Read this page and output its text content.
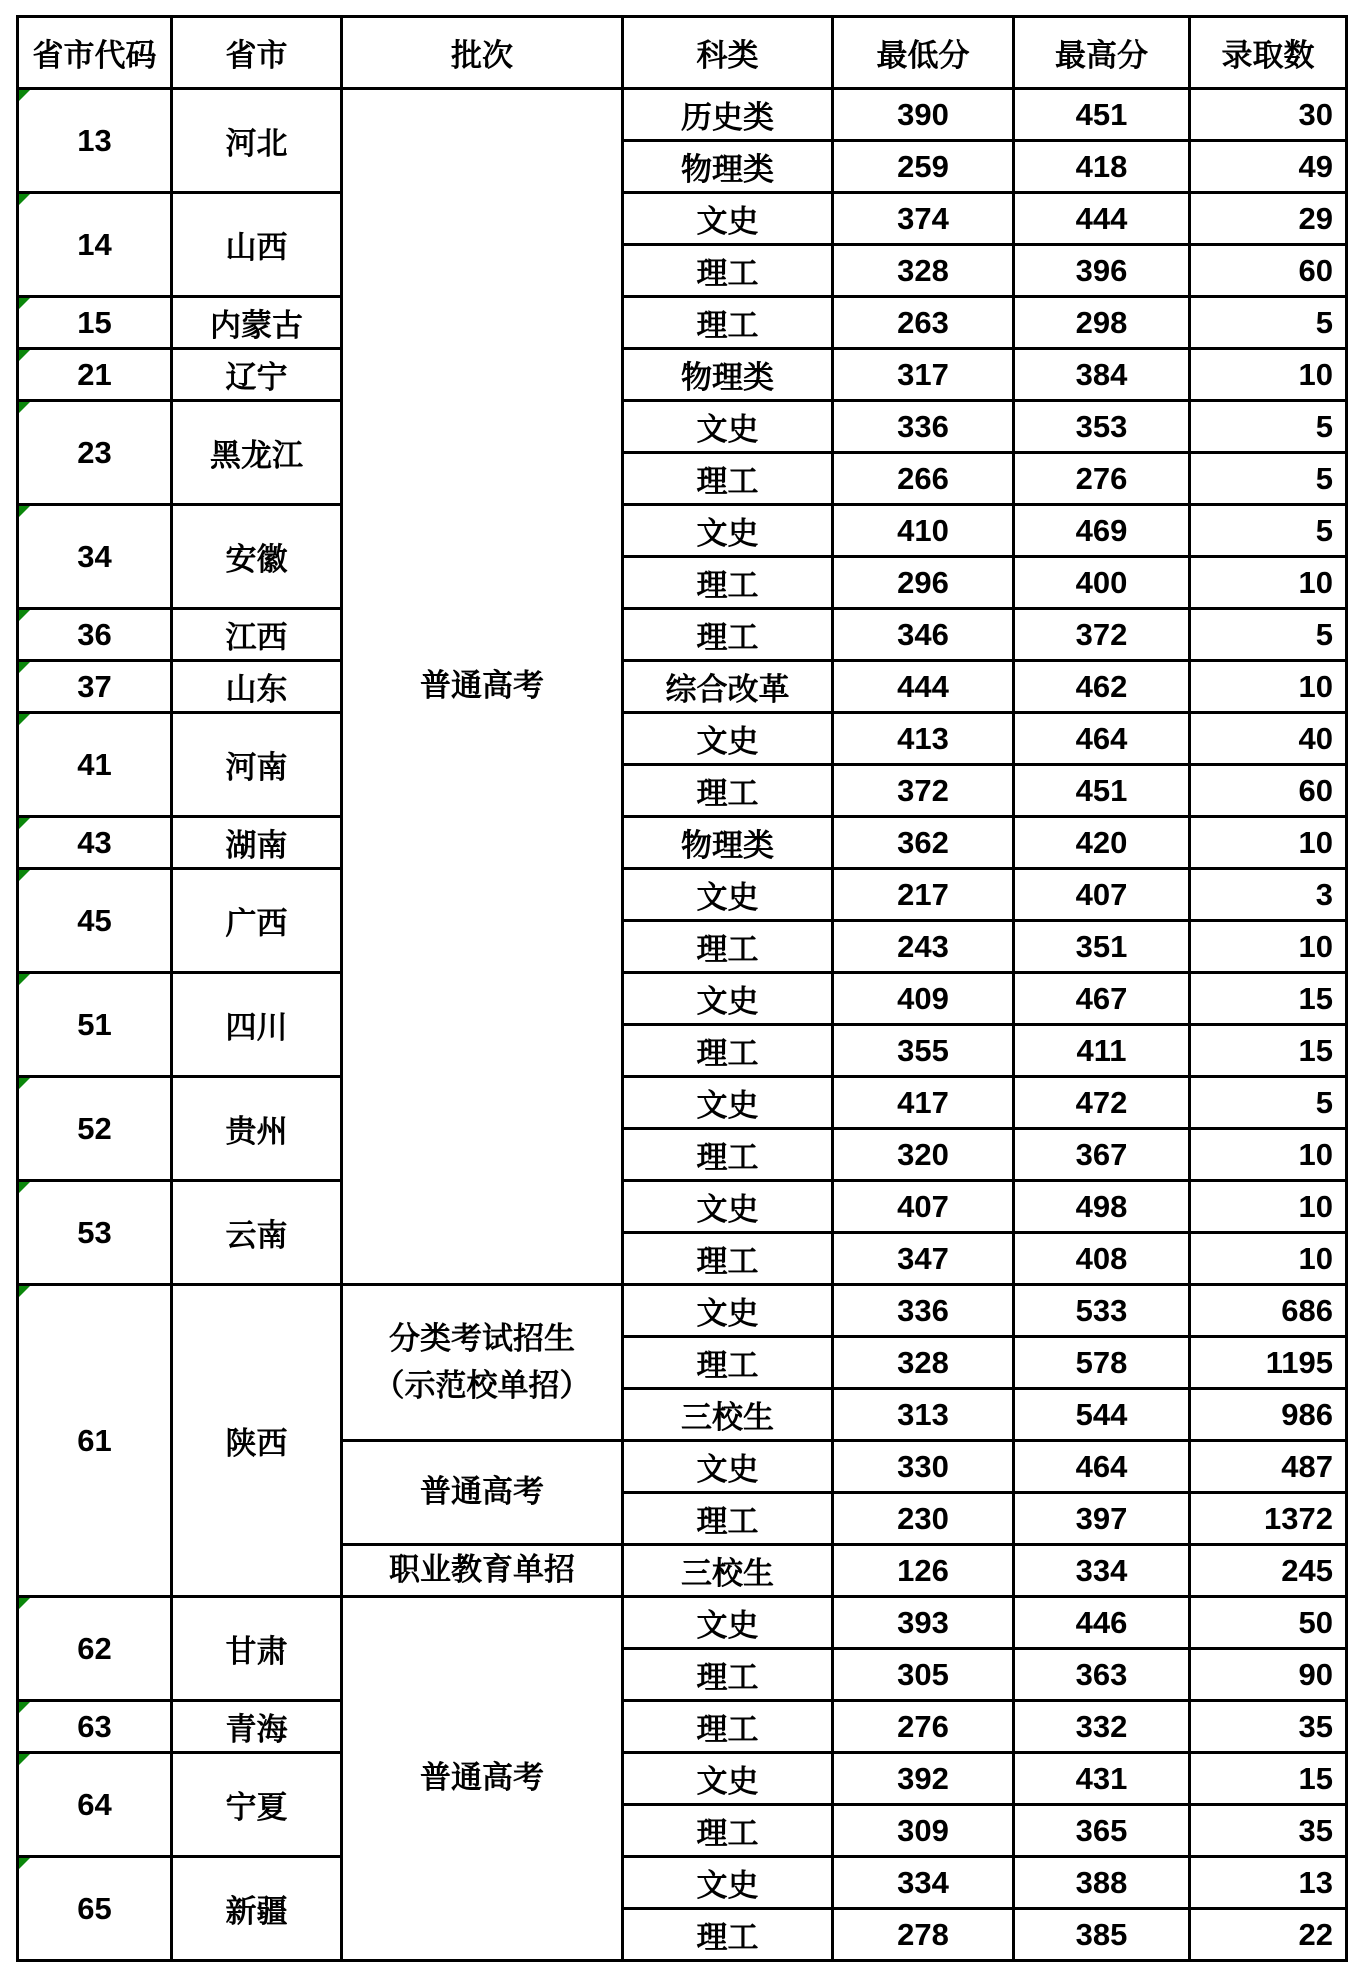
省市代码	省市	批次	科类	最低分	最高分	录取数

13	河北	普通高考	历史类	390	451	30
			物理类	259	418	49

14	山西		文史	374	444	29
			理工	328	396	60

15	内蒙古		理工	263	298	5

21	辽宁		物理类	317	384	10

23	黑龙江		文史	336	353	5
			理工	266	276	5

34	安徽		文史	410	469	5
			理工	296	400	10

36	江西		理工	346	372	5

37	山东		综合改革	444	462	10

41	河南		文史	413	464	40
			理工	372	451	60

43	湖南		物理类	362	420	10

45	广西		文史	217	407	3
			理工	243	351	10

51	四川		文史	409	467	15
			理工	355	411	15

52	贵州		文史	417	472	5
			理工	320	367	10

53	云南		文史	407	498	10
			理工	347	408	10

61	陕西	分类考试招生
（示范校单招）	文史	336	533	686
			理工	328	578	1195
			三校生	313	544	986

		普通高考	文史	330	464	487
			理工	230	397	1372

		职业教育单招	三校生	126	334	245

62	甘肃	普通高考	文史	393	446	50
			理工	305	363	90

63	青海		理工	276	332	35

64	宁夏		文史	392	431	15
			理工	309	365	35

65	新疆		文史	334	388	13
			理工	278	385	22
